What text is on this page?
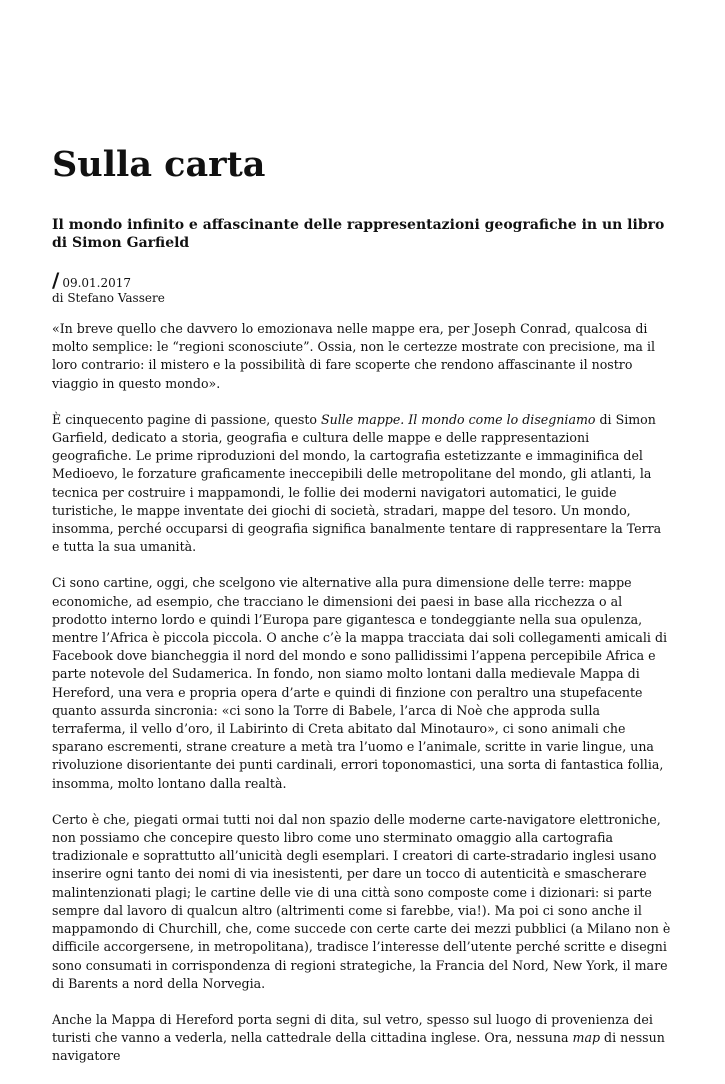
Sulla carta
Il mondo infinito e affascinante delle rappresentazioni geografiche in un libro di Simon Garfield
/ 09.01.2017
di Stefano Vassere

«In breve quello che davvero lo emozionava nelle mappe era, per Joseph Conrad, qualcosa di molto semplice: le “regioni sconosciute”. Ossia, non le certezze mostrate con precisione, ma il loro contrario: il mistero e la possibilità di fare scoperte che rendono affascinante il nostro viaggio in questo mondo».

È cinquecento pagine di passione, questo Sulle mappe. Il mondo come lo disegniamo di Simon Garfield, dedicato a storia, geografia e cultura delle mappe e delle rappresentazioni geografiche. Le prime riproduzioni del mondo, la cartografia estetizzante e immaginifica del Medioevo, le forzature graficamente ineccepibili delle metropolitane del mondo, gli atlanti, la tecnica per costruire i mappamondi, le follie dei moderni navigatori automatici, le guide turistiche, le mappe inventate dei giochi di società, stradari, mappe del tesoro. Un mondo, insomma, perché occuparsi di geografia significa banalmente tentare di rappresentare la Terra e tutta la sua umanità.

Ci sono cartine, oggi, che scelgono vie alternative alla pura dimensione delle terre: mappe economiche, ad esempio, che tracciano le dimensioni dei paesi in base alla ricchezza o al prodotto interno lordo e quindi l’Europa pare gigantesca e tondeggiante nella sua opulenza, mentre l’Africa è piccola piccola. O anche c’è la mappa tracciata dai soli collegamenti amicali di Facebook dove biancheggia il nord del mondo e sono pallidissimi l’appena percepibile Africa e parte notevole del Sudamerica. In fondo, non siamo molto lontani dalla medievale Mappa di Hereford, una vera e propria opera d’arte e quindi di finzione con peraltro una stupefacente quanto assurda sincronia: «ci sono la Torre di Babele, l’arca di Noè che approda sulla terraferma, il vello d’oro, il Labirinto di Creta abitato dal Minotauro», ci sono animali che sparano escrementi, strane creature a metà tra l’uomo e l’animale, scritte in varie lingue, una rivoluzione disorientante dei punti cardinali, errori toponomastici, una sorta di fantastica follia, insomma, molto lontano dalla realtà.

Certo è che, piegati ormai tutti noi dal non spazio delle moderne carte-navigatore elettroniche, non possiamo che concepire questo libro come uno sterminato omaggio alla cartografia tradizionale e soprattutto all’unicità degli esemplari. I creatori di carte-stradario inglesi usano inserire ogni tanto dei nomi di via inesistenti, per dare un tocco di autenticità e smascherare malintenzionati plagi; le cartine delle vie di una città sono composte come i dizionari: si parte sempre dal lavoro di qualcun altro (altrimenti come si farebbe, via!). Ma poi ci sono anche il mappamondo di Churchill, che, come succede con certe carte dei mezzi pubblici (a Milano non è difficile accorgersene, in metropolitana), tradisce l’interesse dell’utente perché scritte e disegni sono consumati in corrispondenza di regioni strategiche, la Francia del Nord, New York, il mare di Barents a nord della Norvegia.

Anche la Mappa di Hereford porta segni di dita, sul vetro, spesso sul luogo di provenienza dei turisti che vanno a vederla, nella cattedrale della cittadina inglese. Ora, nessuna map di nessun navigatore
